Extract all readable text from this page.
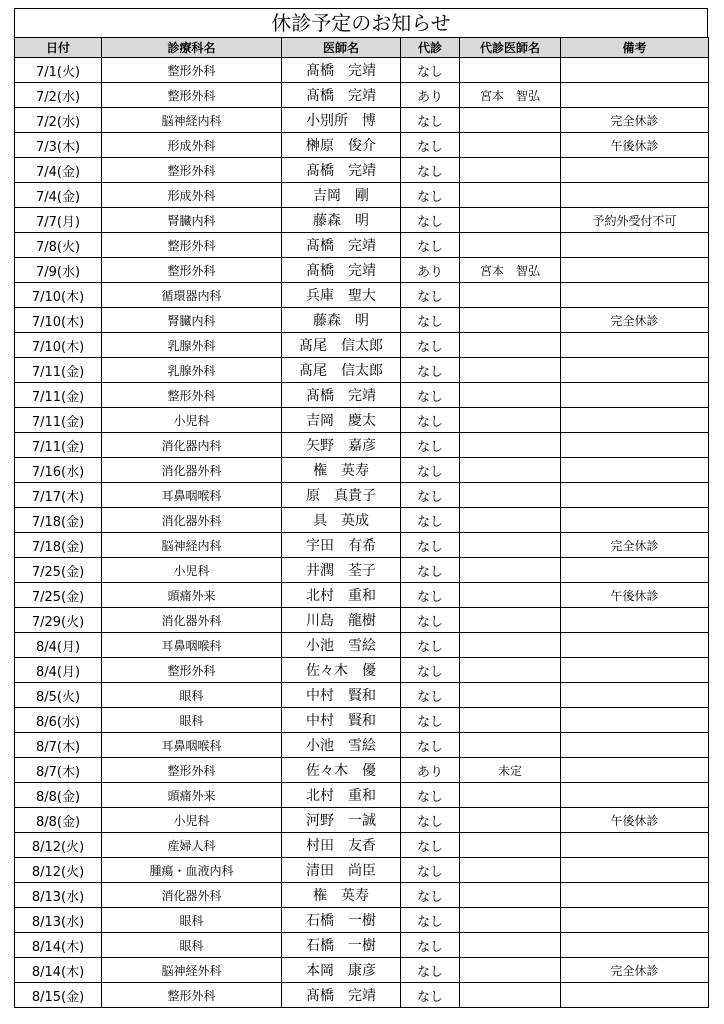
休診予定のお知らせ
日付	診療科名	医師名	代診	代診医師名	備考
7/1(火)	整形外科	髙橋　完靖	なし		
7/2(水)	整形外科	髙橋　完靖	あり	宮本　智弘	
7/2(水)	脳神経内科	小別所　博	なし		完全休診
7/3(木)	形成外科	榊原　俊介	なし		午後休診
7/4(金)	整形外科	髙橋　完靖	なし		
7/4(金)	形成外科	吉岡　剛	なし		
7/7(月)	腎臓内科	藤森　明	なし		予約外受付不可
7/8(火)	整形外科	髙橋　完靖	なし		
7/9(水)	整形外科	髙橋　完靖	あり	宮本　智弘	
7/10(木)	循環器内科	兵庫　聖大	なし		
7/10(木)	腎臓内科	藤森　明	なし		完全休診
7/10(木)	乳腺外科	髙尾　信太郎	なし		
7/11(金)	乳腺外科	髙尾　信太郎	なし		
7/11(金)	整形外科	髙橋　完靖	なし		
7/11(金)	小児科	吉岡　慶太	なし		
7/11(金)	消化器内科	矢野　嘉彦	なし		
7/16(水)	消化器外科	権　英寿	なし		
7/17(木)	耳鼻咽喉科	原　真貴子	なし		
7/18(金)	消化器外科	具　英成	なし		
7/18(金)	脳神経内科	宇田　有希	なし		完全休診
7/25(金)	小児科	井潤　荃子	なし		
7/25(金)	頭痛外来	北村　重和	なし		午後休診
7/29(火)	消化器外科	川島　龍樹	なし		
8/4(月)	耳鼻咽喉科	小池　雪絵	なし		
8/4(月)	整形外科	佐々木　優	なし		
8/5(火)	眼科	中村　賢和	なし		
8/6(水)	眼科	中村　賢和	なし		
8/7(木)	耳鼻咽喉科	小池　雪絵	なし		
8/7(木)	整形外科	佐々木　優	あり	未定	
8/8(金)	頭痛外来	北村　重和	なし		
8/8(金)	小児科	河野　一誠	なし		午後休診
8/12(火)	産婦人科	村田　友香	なし		
8/12(火)	腫瘍・血液内科	清田　尚臣	なし		
8/13(水)	消化器外科	権　英寿	なし		
8/13(水)	眼科	石橋　一樹	なし		
8/14(木)	眼科	石橋　一樹	なし		
8/14(木)	脳神経外科	本岡　康彦	なし		完全休診
8/15(金)	整形外科	髙橋　完靖	なし		
